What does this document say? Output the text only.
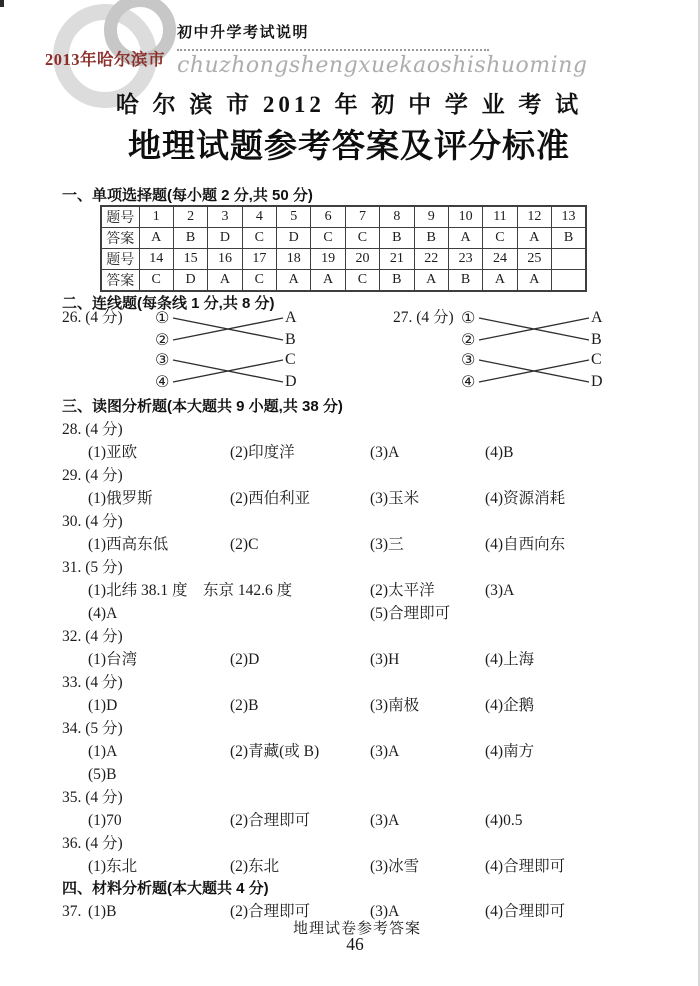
2013年哈尔滨市
初中升学考试说明
chuzhongshengxuekaoshishuoming
哈 尔 滨 市 2012 年 初 中 学 业 考 试
地理试题参考答案及评分标准
一、单项选择题(每小题 2 分,共 50 分)
题号	1	2	3	4	5	6	7	8	9	10	11	12	13
答案	A	B	D	C	D	C	C	B	B	A	C	A	B
题号	14	15	16	17	18	19	20	21	22	23	24	25	
答案	C	D	A	C	A	A	C	B	A	B	A	A	
二、连线题(每条线 1 分,共 8 分)
26. (4 分)	①
②
③
④
A
B
C
D
27. (4 分) ①
②
③
④
A
B
C
D
三、读图分析题(本大题共 9 小题,共 38 分)
28. (4 分)
(1)亚欧	(2)印度洋	(3)A	(4)B
29. (4 分)
(1)俄罗斯	(2)西伯利亚	(3)玉米	(4)资源消耗
30. (4 分)
(1)西高东低	(2)C	(3)三	(4)自西向东
31. (5 分)
(1)北纬 38.1 度　东京 142.6 度	(2)太平洋	(3)A
(4)A	(5)合理即可
32. (4 分)
(1)台湾	(2)D	(3)H	(4)上海
33. (4 分)
(1)D	(2)B	(3)南极	(4)企鹅
34. (5 分)
(1)A	(2)青藏(或 B)	(3)A	(4)南方
(5)B
35. (4 分)
(1)70	(2)合理即可	(3)A	(4)0.5
36. (4 分)
(1)东北	(2)东北	(3)冰雪	(4)合理即可
四、材料分析题(本大题共 4 分)
37. (1)B	(2)合理即可	(3)A	(4)合理即可
地理试卷参考答案
46
